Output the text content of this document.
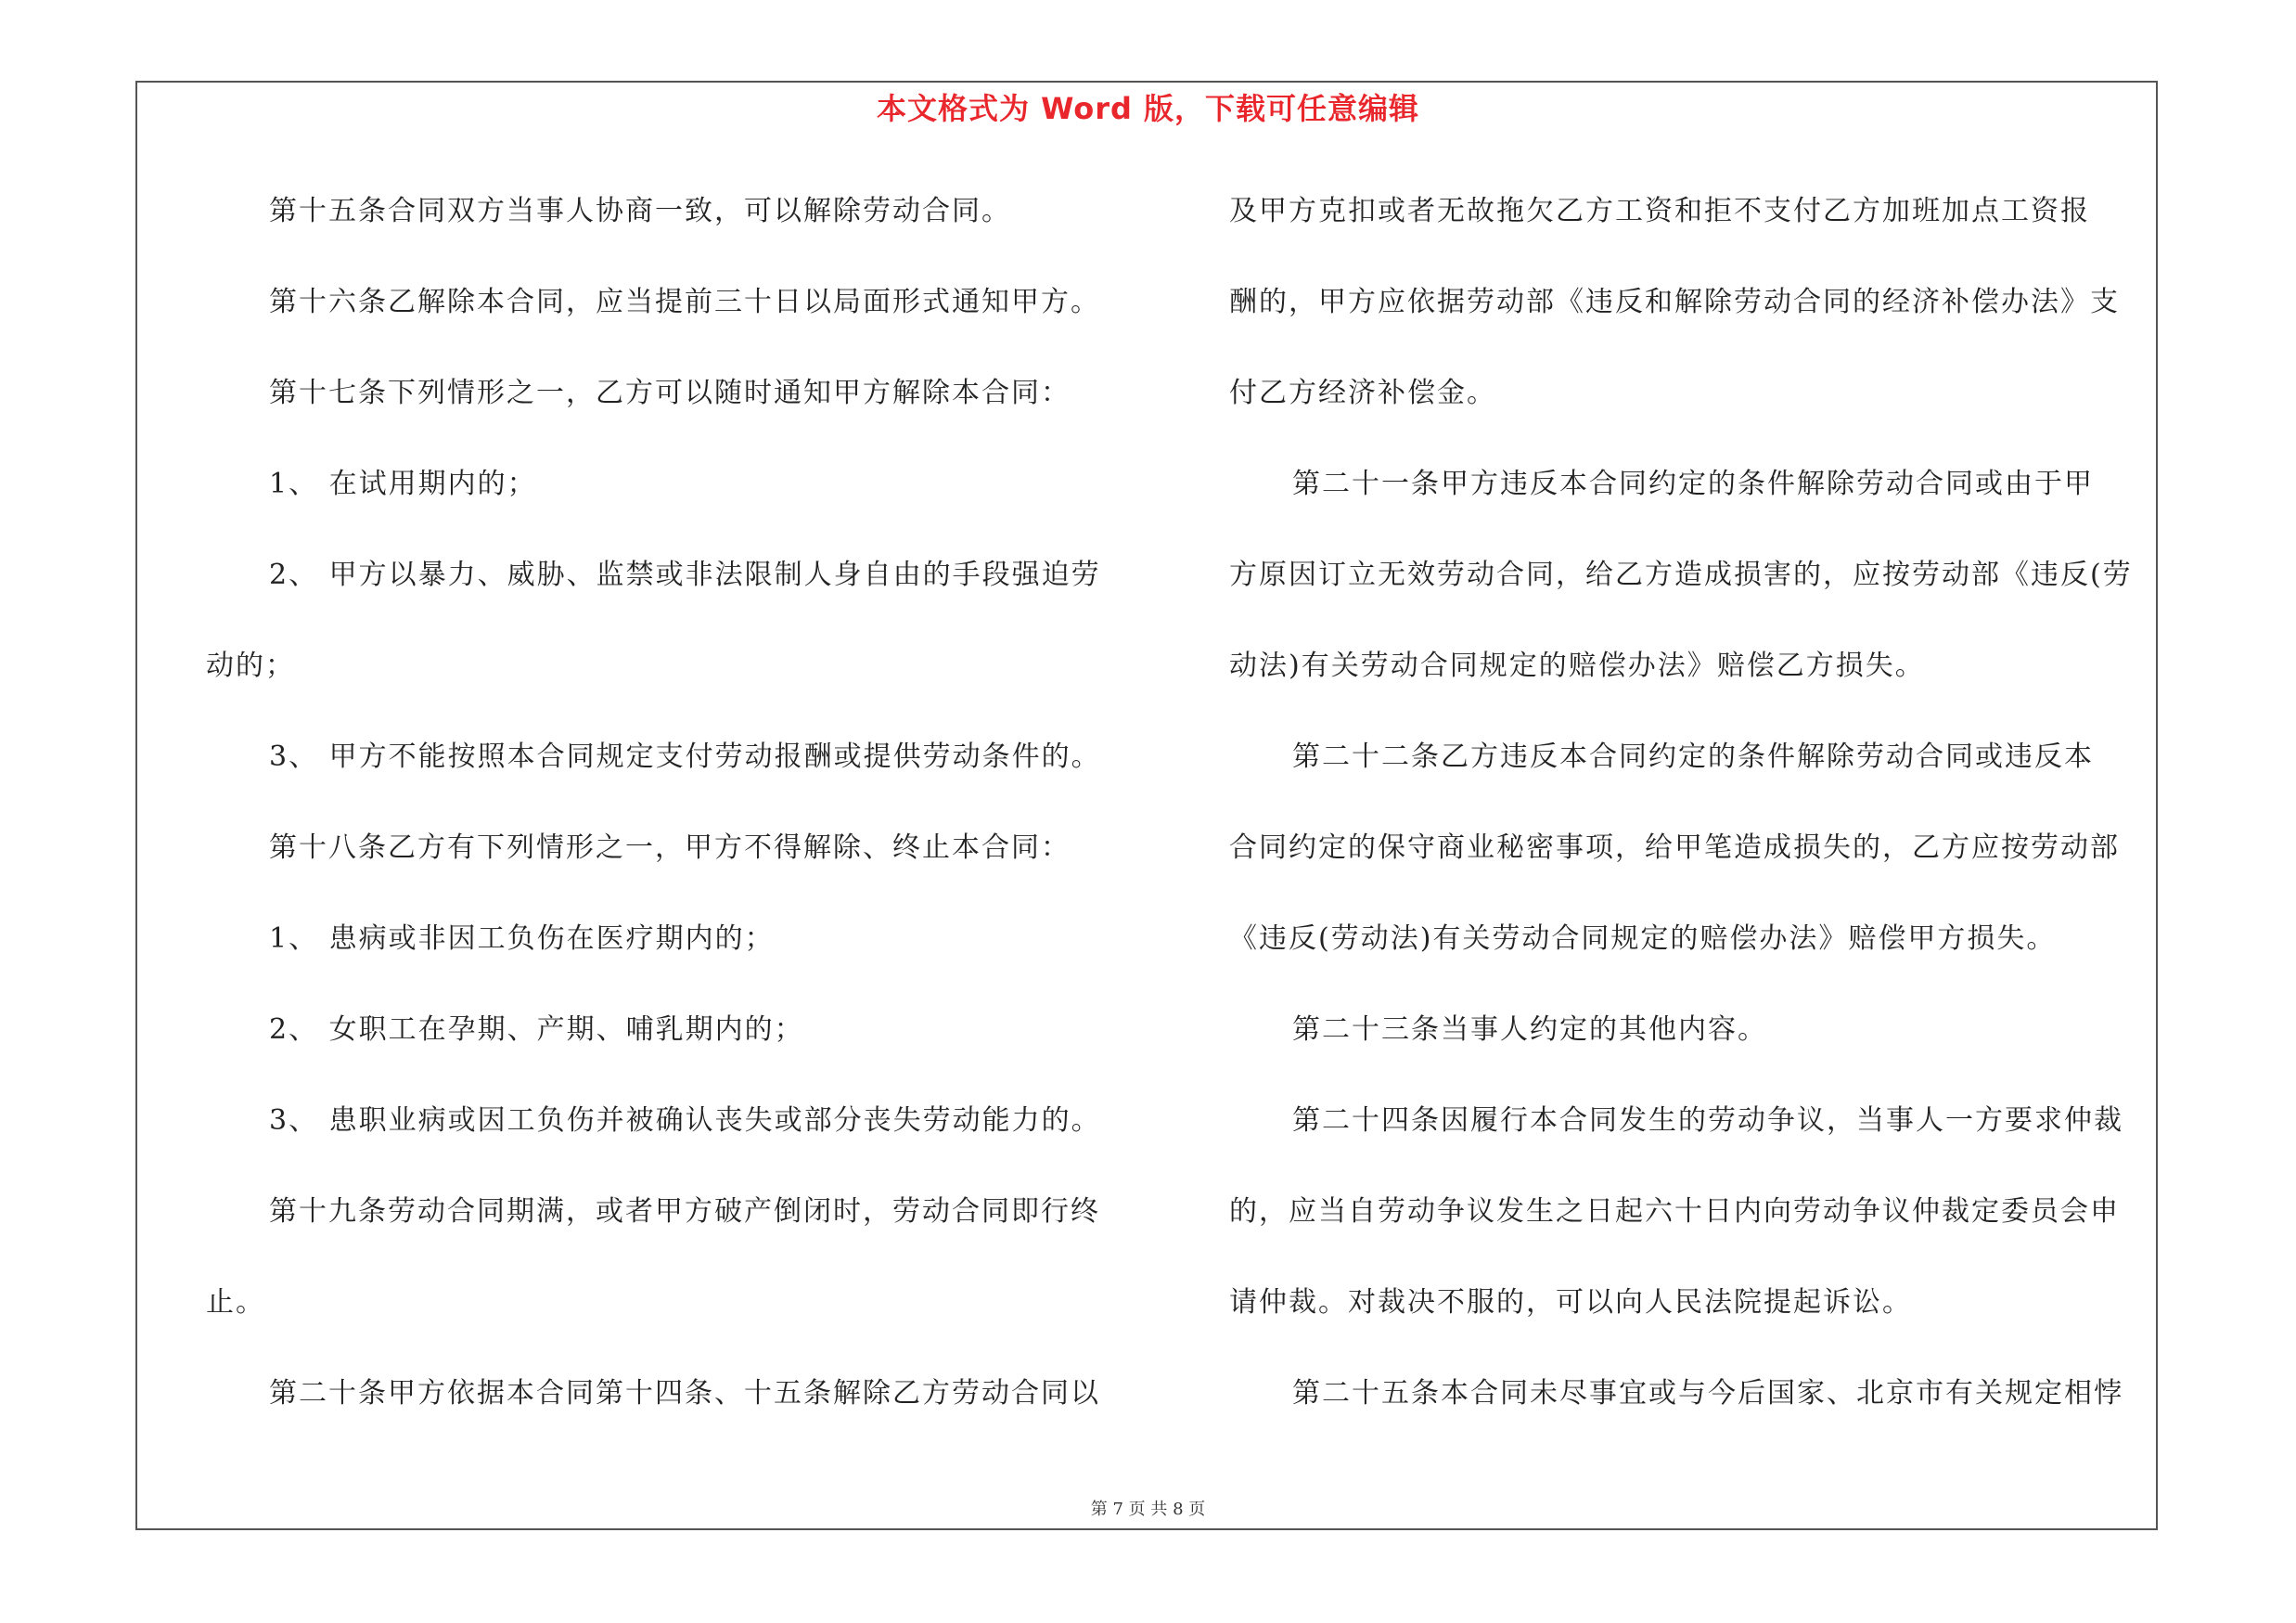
本文格式为 Word 版，下载可任意编辑
第十五条合同双方当事人协商一致，可以解除劳动合同。
第十六条乙解除本合同，应当提前三十日以局面形式通知甲方。
第十七条下列情形之一，乙方可以随时通知甲方解除本合同：
1、 在试用期内的；
2、 甲方以暴力、威胁、监禁或非法限制人身自由的手段强迫劳
动的；
3、 甲方不能按照本合同规定支付劳动报酬或提供劳动条件的。
第十八条乙方有下列情形之一，甲方不得解除、终止本合同：
1、 患病或非因工负伤在医疗期内的；
2、 女职工在孕期、产期、哺乳期内的；
3、 患职业病或因工负伤并被确认丧失或部分丧失劳动能力的。
第十九条劳动合同期满，或者甲方破产倒闭时，劳动合同即行终
止。
第二十条甲方依据本合同第十四条、十五条解除乙方劳动合同以
及甲方克扣或者无故拖欠乙方工资和拒不支付乙方加班加点工资报
酬的，甲方应依据劳动部《违反和解除劳动合同的经济补偿办法》支
付乙方经济补偿金。
第二十一条甲方违反本合同约定的条件解除劳动合同或由于甲
方原因订立无效劳动合同，给乙方造成损害的，应按劳动部《违反(劳
动法)有关劳动合同规定的赔偿办法》赔偿乙方损失。
第二十二条乙方违反本合同约定的条件解除劳动合同或违反本
合同约定的保守商业秘密事项，给甲笔造成损失的，乙方应按劳动部
《违反(劳动法)有关劳动合同规定的赔偿办法》赔偿甲方损失。
第二十三条当事人约定的其他内容。
第二十四条因履行本合同发生的劳动争议，当事人一方要求仲裁
的，应当自劳动争议发生之日起六十日内向劳动争议仲裁定委员会申
请仲裁。对裁决不服的，可以向人民法院提起诉讼。
第二十五条本合同未尽事宜或与今后国家、北京市有关规定相悖
第 7 页 共 8 页
